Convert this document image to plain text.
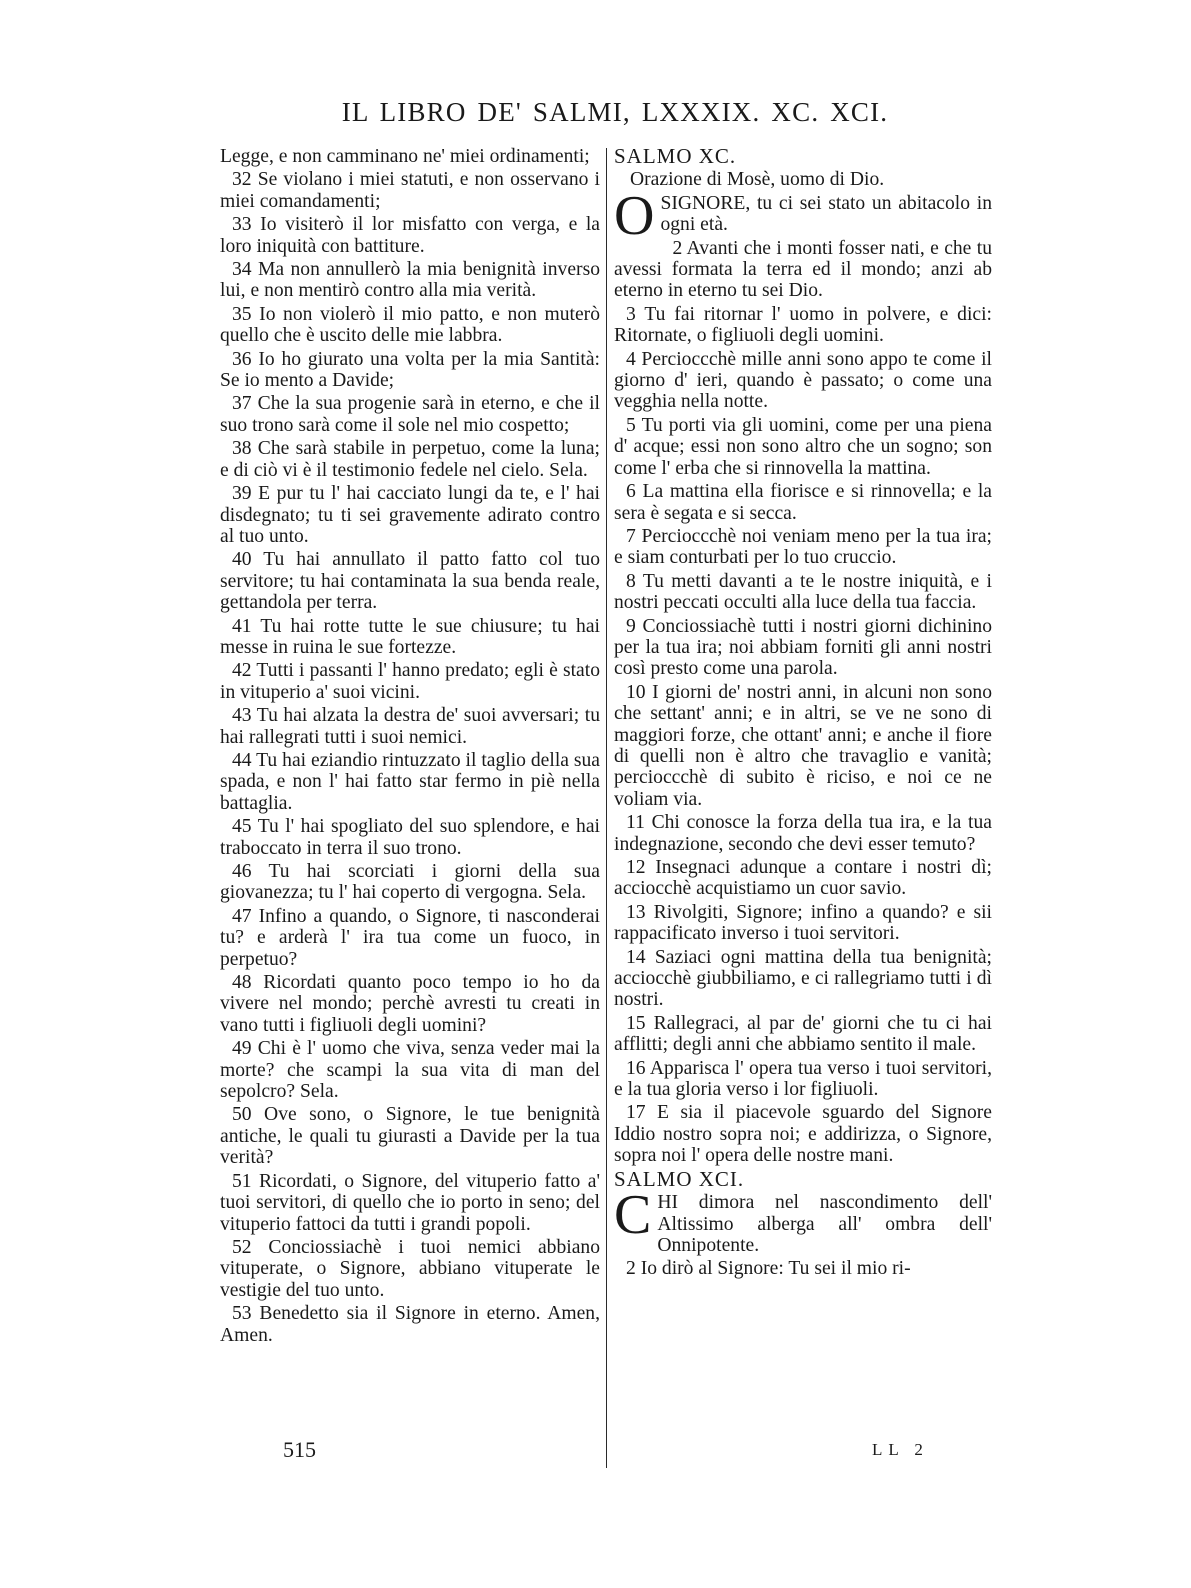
IL LIBRO DE' SALMI, LXXXIX. XC. XCI.

Legge, e non camminano ne' miei ordinamenti;

32 Se violano i miei statuti, e non osservano i miei comandamenti;

33 Io visiterò il lor misfatto con verga, e la loro iniquità con battiture.

34 Ma non annullerò la mia benignità inverso lui, e non mentirò contro alla mia verità.

35 Io non violerò il mio patto, e non muterò quello che è uscito delle mie labbra.

36 Io ho giurato una volta per la mia Santità: Se io mento a Davide;

37 Che la sua progenie sarà in eterno, e che il suo trono sarà come il sole nel mio cospetto;

38 Che sarà stabile in perpetuo, come la luna; e di ciò vi è il testimonio fedele nel cielo. Sela.

39 E pur tu l' hai cacciato lungi da te, e l' hai disdegnato; tu ti sei gravemente adirato contro al tuo unto.

40 Tu hai annullato il patto fatto col tuo servitore; tu hai contaminata la sua benda reale, gettandola per terra.

41 Tu hai rotte tutte le sue chiusure; tu hai messe in ruina le sue fortezze.

42 Tutti i passanti l' hanno predato; egli è stato in vituperio a' suoi vicini.

43 Tu hai alzata la destra de' suoi avversari; tu hai rallegrati tutti i suoi nemici.

44 Tu hai eziandio rintuzzato il taglio della sua spada, e non l' hai fatto star fermo in piè nella battaglia.

45 Tu l' hai spogliato del suo splendore, e hai traboccato in terra il suo trono.

46 Tu hai scorciati i giorni della sua giovanezza; tu l' hai coperto di vergogna. Sela.

47 Infino a quando, o Signore, ti nasconderai tu? e arderà l' ira tua come un fuoco, in perpetuo?

48 Ricordati quanto poco tempo io ho da vivere nel mondo; perchè avresti tu creati in vano tutti i figliuoli degli uomini?

49 Chi è l' uomo che viva, senza veder mai la morte? che scampi la sua vita di man del sepolcro? Sela.

50 Ove sono, o Signore, le tue benignità antiche, le quali tu giurasti a Davide per la tua verità?

51 Ricordati, o Signore, del vituperio fatto a' tuoi servitori, di quello che io porto in seno; del vituperio fattoci da tutti i grandi popoli.

52 Conciossiachè i tuoi nemici abbiano vituperate, o Signore, abbiano vituperate le vestigie del tuo unto.

53 Benedetto sia il Signore in eterno. Amen, Amen.

SALMO XC.

Orazione di Mosè, uomo di Dio.

O SIGNORE, tu ci sei stato un abitacolo in ogni età.

2 Avanti che i monti fosser nati, e che tu avessi formata la terra ed il mondo; anzi ab eterno in eterno tu sei Dio.

3 Tu fai ritornar l' uomo in polvere, e dici: Ritornate, o figliuoli degli uomini.

4 Percioccchè mille anni sono appo te come il giorno d' ieri, quando è passato; o come una vegghia nella notte.

5 Tu porti via gli uomini, come per una piena d' acque; essi non sono altro che un sogno; son come l' erba che si rinnovella la mattina.

6 La mattina ella fiorisce e si rinnovella; e la sera è segata e si secca.

7 Percioccchè noi veniam meno per la tua ira; e siam conturbati per lo tuo cruccio.

8 Tu metti davanti a te le nostre iniquità, e i nostri peccati occulti alla luce della tua faccia.

9 Conciossiachè tutti i nostri giorni dichinino per la tua ira; noi abbiam forniti gli anni nostri così presto come una parola.

10 I giorni de' nostri anni, in alcuni non sono che settant' anni; e in altri, se ve ne sono di maggiori forze, che ottant' anni; e anche il fiore di quelli non è altro che travaglio e vanità; percioccchè di subito è riciso, e noi ce ne voliam via.

11 Chi conosce la forza della tua ira, e la tua indegnazione, secondo che devi esser temuto?

12 Insegnaci adunque a contare i nostri dì; acciocchè acquistiamo un cuor savio.

13 Rivolgiti, Signore; infino a quando? e sii rappacificato inverso i tuoi servitori.

14 Saziaci ogni mattina della tua benignità; acciocchè giubbiliamo, e ci rallegriamo tutti i dì nostri.

15 Rallegraci, al par de' giorni che tu ci hai afflitti; degli anni che abbiamo sentito il male.

16 Apparisca l' opera tua verso i tuoi servitori, e la tua gloria verso i lor figliuoli.

17 E sia il piacevole sguardo del Signore Iddio nostro sopra noi; e addirizza, o Signore, sopra noi l' opera delle nostre mani.

SALMO XCI.

C HI dimora nel nascondimento dell' Altissimo alberga all' ombra dell' Onnipotente.

2 Io dirò al Signore: Tu sei il mio ri-

515	LL 2
